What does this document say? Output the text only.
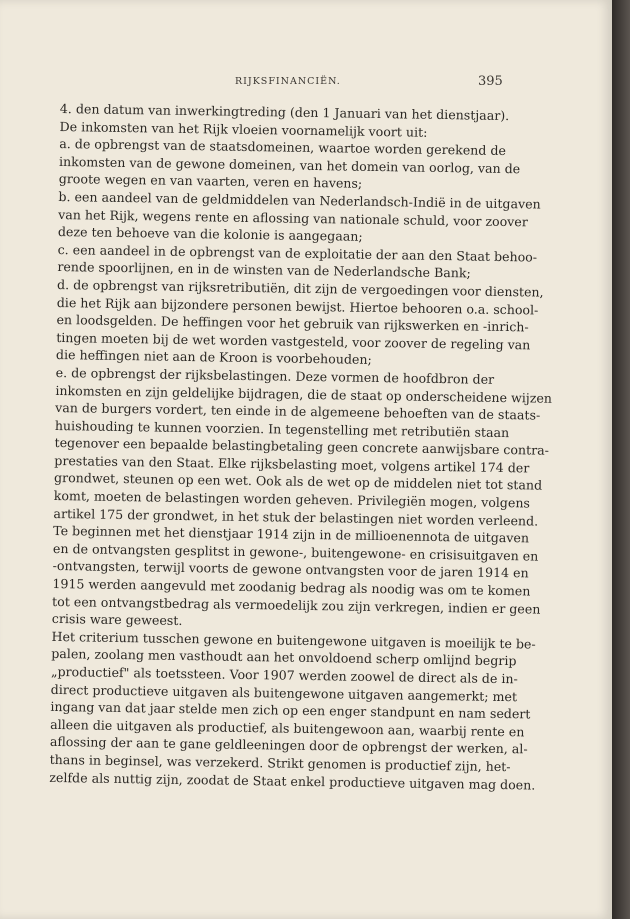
RIJKSFINANCIËN.	395
4. den datum van inwerkingtreding (den 1 Januari van het dienstjaar).
De inkomsten van het Rijk vloeien voornamelijk voort uit:
a. de opbrengst van de staatsdomeinen, waartoe worden gerekend de
inkomsten van de gewone domeinen, van het domein van oorlog, van de
groote wegen en van vaarten, veren en havens;
b. een aandeel van de geldmiddelen van Nederlandsch-Indië in de uitgaven
van het Rijk, wegens rente en aflossing van nationale schuld, voor zoover
deze ten behoeve van die kolonie is aangegaan;
c. een aandeel in de opbrengst van de exploitatie der aan den Staat behoo-
rende spoorlijnen, en in de winsten van de Nederlandsche Bank;
d. de opbrengst van rijksretributiën, dit zijn de vergoedingen voor diensten,
die het Rijk aan bijzondere personen bewijst. Hiertoe behooren o.a. school-
en loodsgelden. De heffingen voor het gebruik van rijkswerken en -inrich-
tingen moeten bij de wet worden vastgesteld, voor zoover de regeling van
die heffingen niet aan de Kroon is voorbehouden;
e. de opbrengst der rijksbelastingen. Deze vormen de hoofdbron der
inkomsten en zijn geldelijke bijdragen, die de staat op onderscheidene wijzen
van de burgers vordert, ten einde in de algemeene behoeften van de staats-
huishouding te kunnen voorzien. In tegenstelling met retributiën staan
tegenover een bepaalde belastingbetaling geen concrete aanwijsbare contra-
prestaties van den Staat. Elke rijksbelasting moet, volgens artikel 174 der
grondwet, steunen op een wet. Ook als de wet op de middelen niet tot stand
komt, moeten de belastingen worden geheven. Privilegiën mogen, volgens
artikel 175 der grondwet, in het stuk der belastingen niet worden verleend.
Te beginnen met het dienstjaar 1914 zijn in de millioenennota de uitgaven
en de ontvangsten gesplitst in gewone-, buitengewone- en crisisuitgaven en
-ontvangsten, terwijl voorts de gewone ontvangsten voor de jaren 1914 en
1915 werden aangevuld met zoodanig bedrag als noodig was om te komen
tot een ontvangstbedrag als vermoedelijk zou zijn verkregen, indien er geen
crisis ware geweest.
Het criterium tusschen gewone en buitengewone uitgaven is moeilijk te be-
palen, zoolang men vasthoudt aan het onvoldoend scherp omlijnd begrip
„productief" als toetssteen. Voor 1907 werden zoowel de direct als de in-
direct productieve uitgaven als buitengewone uitgaven aangemerkt; met
ingang van dat jaar stelde men zich op een enger standpunt en nam sedert
alleen die uitgaven als productief, als buitengewoon aan, waarbij rente en
aflossing der aan te gane geldleeningen door de opbrengst der werken, al-
thans in beginsel, was verzekerd. Strikt genomen is productief zijn, het-
zelfde als nuttig zijn, zoodat de Staat enkel productieve uitgaven mag doen.
